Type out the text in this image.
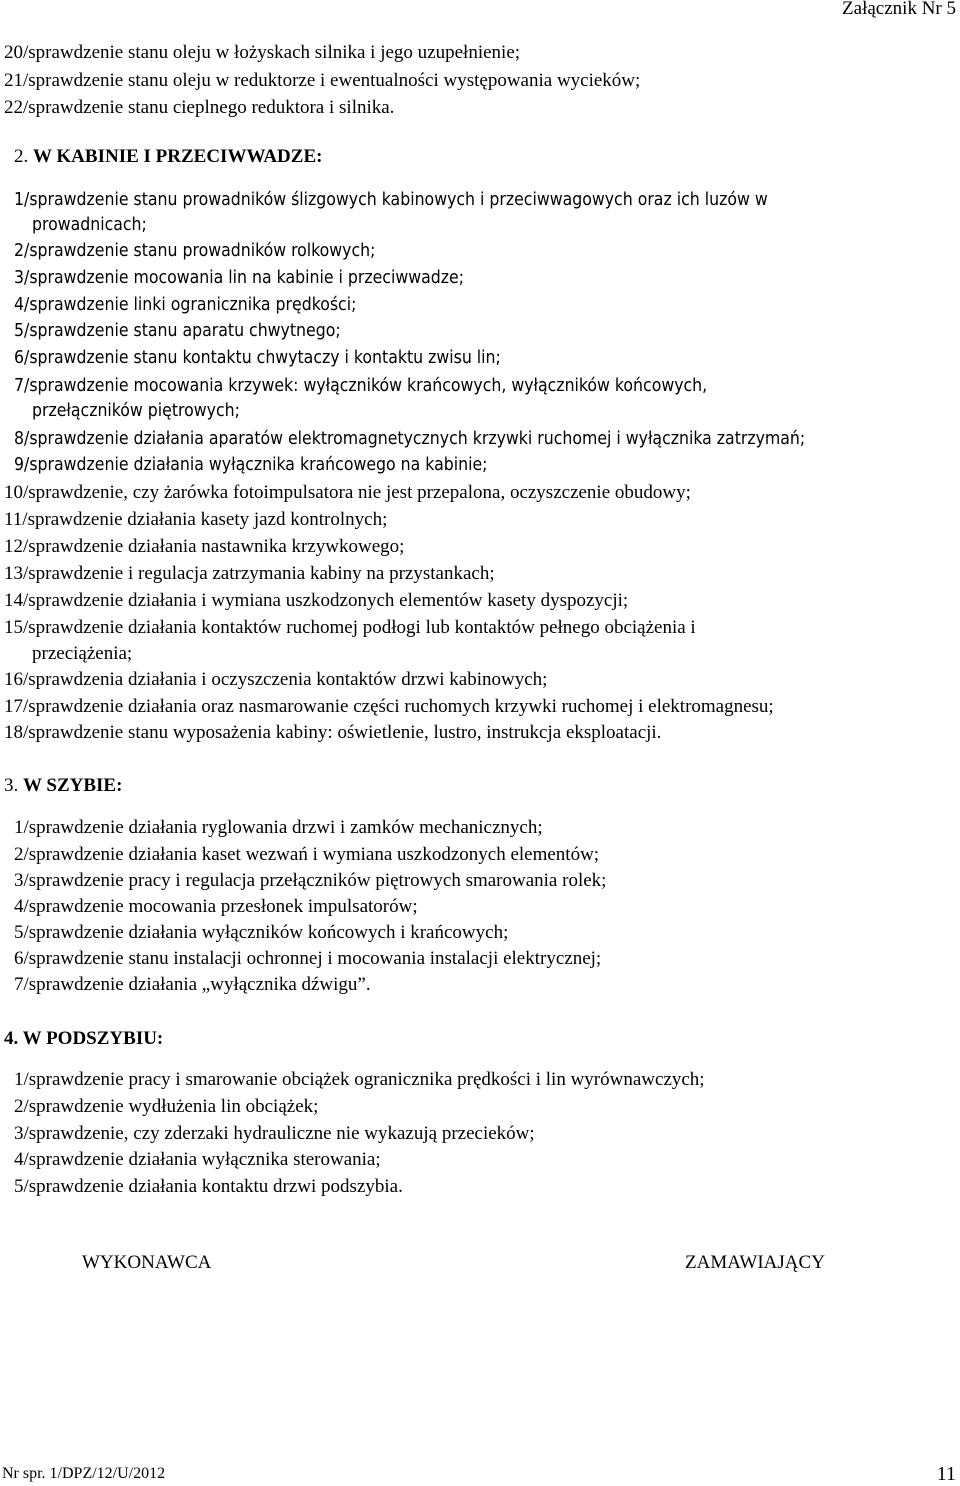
Załącznik Nr 5
20/sprawdzenie stanu oleju w łożyskach silnika i jego uzupełnienie;
21/sprawdzenie stanu oleju w reduktorze i ewentualności występowania wycieków;
22/sprawdzenie stanu cieplnego reduktora i silnika.
2. W KABINIE I PRZECIWWADZE:
1/sprawdzenie stanu prowadników ślizgowych kabinowych i przeciwwagowych oraz ich luzów w
prowadnicach;
2/sprawdzenie stanu prowadników rolkowych;
3/sprawdzenie mocowania lin na kabinie i przeciwwadze;
4/sprawdzenie linki ogranicznika prędkości;
5/sprawdzenie stanu aparatu chwytnego;
6/sprawdzenie stanu kontaktu chwytaczy i kontaktu zwisu lin;
7/sprawdzenie mocowania krzywek: wyłączników krańcowych, wyłączników końcowych,
przełączników piętrowych;
8/sprawdzenie działania aparatów elektromagnetycznych krzywki ruchomej i wyłącznika zatrzymań;
9/sprawdzenie działania wyłącznika krańcowego na kabinie;
10/sprawdzenie, czy żarówka fotoimpulsatora nie jest przepalona, oczyszczenie obudowy;
11/sprawdzenie działania kasety jazd kontrolnych;
12/sprawdzenie działania nastawnika krzywkowego;
13/sprawdzenie i regulacja zatrzymania kabiny na przystankach;
14/sprawdzenie działania i wymiana uszkodzonych elementów kasety dyspozycji;
15/sprawdzenie działania kontaktów ruchomej podłogi lub kontaktów pełnego obciążenia i
przeciążenia;
16/sprawdzenia działania i oczyszczenia kontaktów drzwi kabinowych;
17/sprawdzenie działania oraz nasmarowanie części ruchomych krzywki ruchomej i elektromagnesu;
18/sprawdzenie stanu wyposażenia kabiny: oświetlenie, lustro, instrukcja eksploatacji.
3. W SZYBIE:
1/sprawdzenie działania ryglowania drzwi i zamków mechanicznych;
2/sprawdzenie działania kaset wezwań i wymiana uszkodzonych elementów;
3/sprawdzenie pracy i regulacja przełączników piętrowych smarowania rolek;
4/sprawdzenie mocowania przesłonek impulsatorów;
5/sprawdzenie działania wyłączników końcowych i krańcowych;
6/sprawdzenie stanu instalacji ochronnej i mocowania instalacji elektrycznej;
7/sprawdzenie działania „wyłącznika dźwigu”.
4. W PODSZYBIU:
1/sprawdzenie pracy i smarowanie obciążek ogranicznika prędkości i lin wyrównawczych;
2/sprawdzenie wydłużenia lin obciążek;
3/sprawdzenie, czy zderzaki hydrauliczne nie wykazują przecieków;
4/sprawdzenie działania wyłącznika sterowania;
5/sprawdzenie działania kontaktu drzwi podszybia.
WYKONAWCA	ZAMAWIAJĄCY
Nr spr. 1/DPZ/12/U/2012	11
